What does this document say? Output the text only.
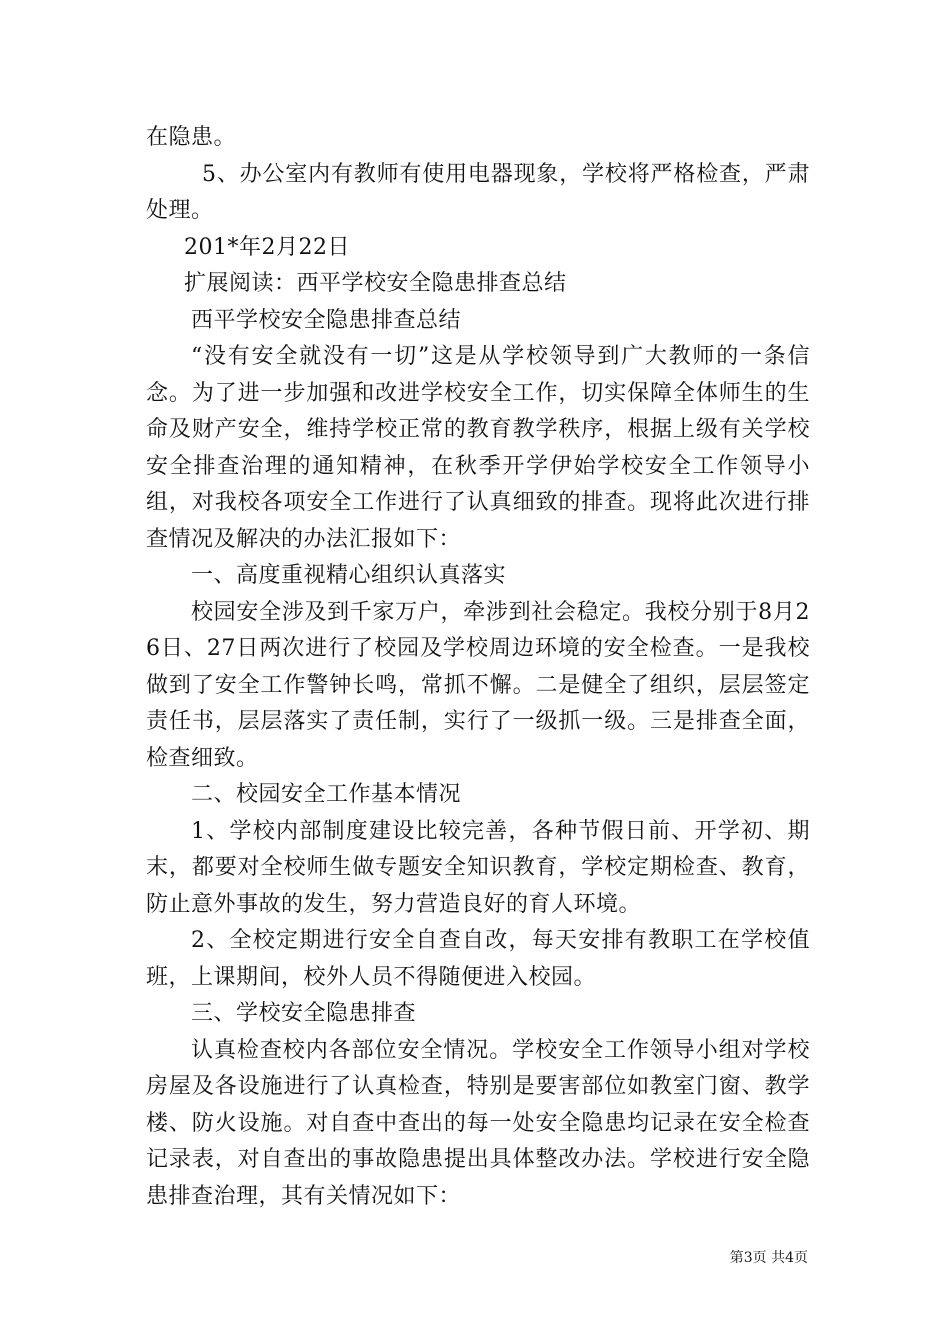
在隐患。

5、办公室内有教师有使用电器现象，学校将严格检查，严肃处理。

201*年2月22日

扩展阅读：西平学校安全隐患排查总结

西平学校安全隐患排查总结

“没有安全就没有一切”这是从学校领导到广大教师的一条信念。为了进一步加强和改进学校安全工作，切实保障全体师生的生命及财产安全，维持学校正常的教育教学秩序，根据上级有关学校安全排查治理的通知精神，在秋季开学伊始学校安全工作领导小组，对我校各项安全工作进行了认真细致的排查。现将此次进行排查情况及解决的办法汇报如下：

一、高度重视精心组织认真落实

校园安全涉及到千家万户，牵涉到社会稳定。我校分别于8月26日、27日两次进行了校园及学校周边环境的安全检查。一是我校做到了安全工作警钟长鸣，常抓不懈。二是健全了组织，层层签定责任书，层层落实了责任制，实行了一级抓一级。三是排查全面，检查细致。

二、校园安全工作基本情况

1、学校内部制度建设比较完善，各种节假日前、开学初、期末，都要对全校师生做专题安全知识教育，学校定期检查、教育，防止意外事故的发生，努力营造良好的育人环境。

2、全校定期进行安全自查自改，每天安排有教职工在学校值班，上课期间，校外人员不得随便进入校园。

三、学校安全隐患排查

认真检查校内各部位安全情况。学校安全工作领导小组对学校房屋及各设施进行了认真检查，特别是要害部位如教室门窗、教学楼、防火设施。对自查中查出的每一处安全隐患均记录在安全检查记录表，对自查出的事故隐患提出具体整改办法。学校进行安全隐患排查治理，其有关情况如下：

第3页 共4页
